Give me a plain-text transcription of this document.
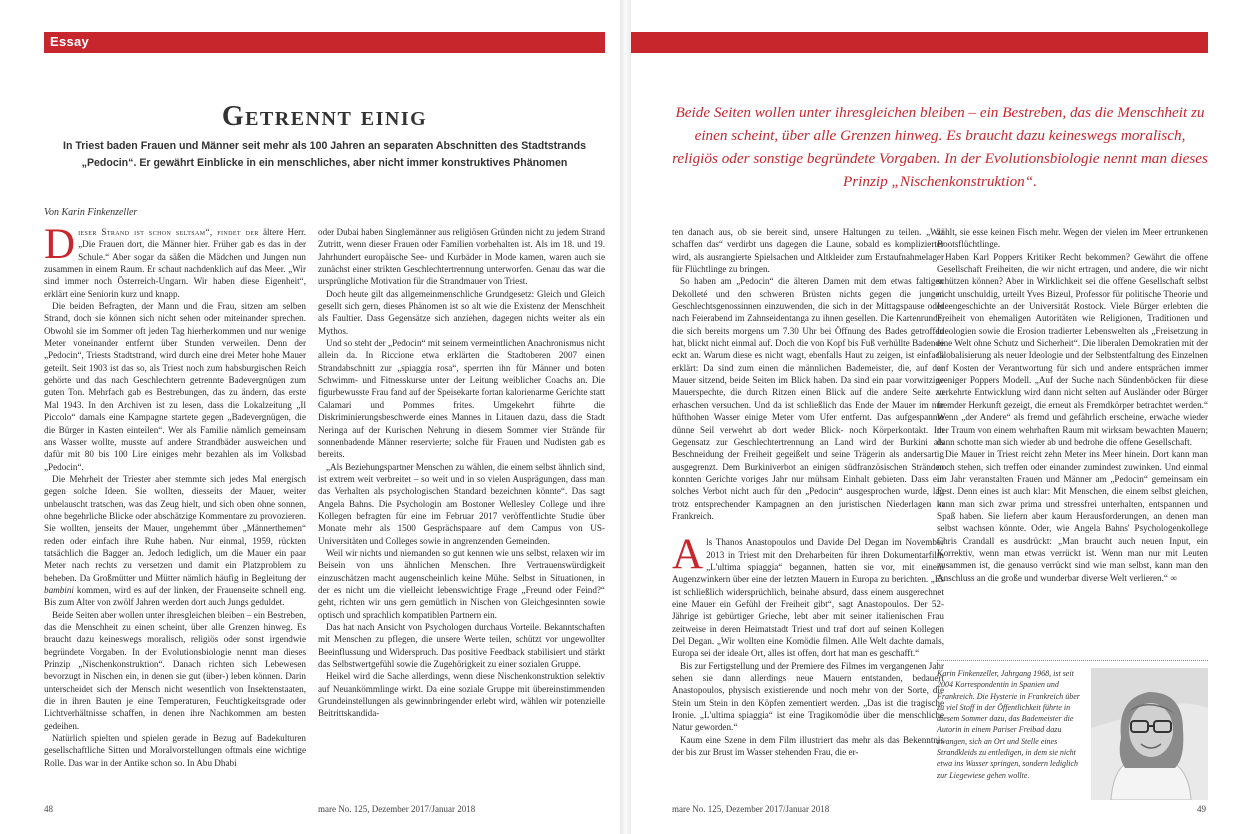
Essay
Getrennt einig

In Triest baden Frauen und Männer seit mehr als 100 Jahren an separaten Abschnitten des Stadtstrands „Pedocin“. Er gewährt Einblicke in ein menschliches, aber nicht immer konstruktives Phänomen

Von Karin Finkenzeller

Dieser Strand ist schon seltsam“, findet der ältere Herr. „Die Frauen dort, die Männer hier. Früher gab es das in der Schule.“ Aber sogar da säßen die Mädchen und Jungen nun zusammen in einem Raum. Er schaut nachdenklich auf das Meer. „Wir sind immer noch Österreich-Ungarn. Wir haben diese Eigenheit“, erklärt eine Seniorin kurz und knapp.

Die beiden Befragten, der Mann und die Frau, sitzen am selben Strand, doch sie können sich nicht sehen oder miteinander sprechen. Obwohl sie im Sommer oft jeden Tag hierherkommen und nur wenige Meter voneinander entfernt über Stunden verweilen. Denn der „Pedocin“, Triests Stadtstrand, wird durch eine drei Meter hohe Mauer geteilt. Seit 1903 ist das so, als Triest noch zum habsburgischen Reich gehörte und das nach Geschlechtern getrennte Badevergnügen zum guten Ton. Mehrfach gab es Bestrebungen, das zu ändern, das erste Mal 1943. In den Archiven ist zu lesen, dass die Lokalzeitung „Il Piccolo“ damals eine Kampagne startete gegen „Badevergnügen, die die Bürger in Kasten einteilen“. Wer als Familie nämlich gemeinsam ans Wasser wollte, musste auf andere Strandbäder ausweichen und dafür mit 80 bis 100 Lire einiges mehr bezahlen als im Volksbad „Pedocin“.

Die Mehrheit der Triester aber stemmte sich jedes Mal energisch gegen solche Ideen. Sie wollten, diesseits der Mauer, weiter unbelauscht tratschen, was das Zeug hielt, und sich oben ohne sonnen, ohne begehrliche Blicke oder abschätzige Kommentare zu provozieren. Sie wollten, jenseits der Mauer, ungehemmt über „Männerthemen“ reden oder einfach ihre Ruhe haben. Nur einmal, 1959, rückten tatsächlich die Bagger an. Jedoch lediglich, um die Mauer ein paar Meter nach rechts zu versetzen und damit ein Platzproblem zu beheben. Da Großmütter und Mütter nämlich häufig in Begleitung der bambini kommen, wird es auf der linken, der Frauenseite schnell eng. Bis zum Alter von zwölf Jahren werden dort auch Jungs geduldet.

Beide Seiten aber wollen unter ihresgleichen bleiben – ein Bestreben, das die Menschheit zu einen scheint, über alle Grenzen hinweg. Es braucht dazu keineswegs moralisch, religiös oder sonst irgendwie begründete Vorgaben. In der Evolutionsbiologie nennt man dieses Prinzip „Nischenkonstruktion“. Danach richten sich Lebewesen bevorzugt in Nischen ein, in denen sie gut (über-) leben können. Darin unterscheidet sich der Mensch nicht wesentlich von Insektenstaaten, die in ihren Bauten je eine Temperaturen, Feuchtigkeitsgrade oder Lichtverhältnisse schaffen, in denen ihre Nachkommen am besten gedeihen.

Natürlich spielten und spielen gerade in Bezug auf Badekulturen gesellschaftliche Sitten und Moralvorstellungen oftmals eine wichtige Rolle. Das war in der Antike schon so. In Abu Dhabi

oder Dubai haben Singlemänner aus religiösen Gründen nicht zu jedem Strand Zutritt, wenn dieser Frauen oder Familien vorbehalten ist. Als im 18. und 19. Jahrhundert europäische See- und Kurbäder in Mode kamen, waren auch sie zunächst einer strikten Geschlechtertrennung unterworfen. Genau das war die ursprüngliche Motivation für die Strandmauer von Triest.

Doch heute gilt das allgemeinmenschliche Grundgesetz: Gleich und Gleich gesellt sich gern, dieses Phänomen ist so alt wie die Existenz der Menschheit als Faultier. Dass Gegensätze sich anziehen, dagegen nichts weiter als ein Mythos.

Und so steht der „Pedocin“ mit seinem vermeintlichen Anachronismus nicht allein da. In Riccione etwa erklärten die Stadtoberen 2007 einen Strandabschnitt zur „spiaggia rosa“, sperrten ihn für Männer und boten Schwimm- und Fitnesskurse unter der Leitung weiblicher Coachs an. Die figurbewusste Frau fand auf der Speisekarte fortan kalorienarme Gerichte statt Calamari und Pommes frites. Umgekehrt führte die Diskriminierungsbeschwerde eines Mannes in Litauen dazu, dass die Stadt Neringa auf der Kurischen Nehrung in diesem Sommer vier Strände für sonnenbadende Männer reservierte; solche für Frauen und Nudisten gab es bereits.

„Als Beziehungspartner Menschen zu wählen, die einem selbst ähnlich sind, ist extrem weit verbreitet – so weit und in so vielen Ausprägungen, dass man das Verhalten als psychologischen Standard bezeichnen könnte“. Das sagt Angela Bahns. Die Psychologin am Bostoner Wellesley College und ihre Kollegen befragten für eine im Februar 2017 veröffentlichte Studie über Monate mehr als 1500 Gesprächspaare auf dem Campus von US-Universitäten und Colleges sowie in angrenzenden Gemeinden.

Weil wir nichts und niemanden so gut kennen wie uns selbst, relaxen wir im Beisein von uns ähnlichen Menschen. Ihre Vertrauenswürdigkeit einzuschätzen macht augenscheinlich keine Mühe. Selbst in Situationen, in der es nicht um die vielleicht lebenswichtige Frage „Freund oder Feind?“ geht, richten wir uns gern gemütlich in Nischen von Gleichgesinnten sowie optisch und sprachlich kompatiblen Partnern ein.

Das hat nach Ansicht von Psychologen durchaus Vorteile. Bekanntschaften mit Menschen zu pflegen, die unsere Werte teilen, schützt vor ungewollter Beeinflussung und Widerspruch. Das positive Feedback stabilisiert und stärkt das Selbstwertgefühl sowie die Zugehörigkeit zu einer sozialen Gruppe.

Heikel wird die Sache allerdings, wenn diese Nischenkonstruktion selektiv auf Neuankömmlinge wirkt. Da eine soziale Gruppe mit übereinstimmenden Grundeinstellungen als gewinnbringender erlebt wird, wählen wir potenzielle Beitrittskandida-

48	mare No. 125, Dezember 2017/Januar 2018

Beide Seiten wollen unter ihresgleichen bleiben – ein Bestreben, das die Menschheit zu einen scheint, über alle Grenzen hinweg. Es braucht dazu keineswegs moralisch, religiös oder sonstige begründete Vorgaben. In der Evolutionsbiologie nennt man dieses Prinzip „Nischenkonstruktion“.

ten danach aus, ob sie bereit sind, unsere Haltungen zu teilen. „Wir schaffen das“ verdirbt uns dagegen die Laune, sobald es komplizierter wird, als ausrangierte Spielsachen und Altkleider zum Erstaufnahmelager für Flüchtlinge zu bringen.

So haben am „Pedocin“ die älteren Damen mit dem etwas faltigen Dekolleté und den schweren Brüsten nichts gegen die jungen Geschlechtsgenossinnen einzuwenden, die sich in der Mittagspause oder nach Feierabend im Zahnseidentanga zu ihnen gesellen. Die Kartenrunde, die sich bereits morgens um 7.30 Uhr bei Öffnung des Bades getroffen hat, blickt nicht einmal auf. Doch die von Kopf bis Fuß verhüllte Badende eckt an. Warum diese es nicht wagt, ebenfalls Haut zu zeigen, ist einfach erklärt: Da sind zum einen die männlichen Bademeister, die, auf der Mauer sitzend, beide Seiten im Blick haben. Da sind ein paar vorwitzige Mauerspechte, die durch Ritzen einen Blick auf die andere Seite zu erhaschen versuchen. Und da ist schließlich das Ende der Mauer im nur hüfthohen Wasser einige Meter vom Ufer entfernt. Das aufgespannte dünne Seil verwehrt ab dort weder Blick- noch Körperkontakt. Im Gegensatz zur Geschlechtertrennung an Land wird der Burkini als Beschneidung der Freiheit gegeißelt und seine Trägerin als andersartig ausgegrenzt. Dem Burkiniverbot an einigen südfranzösischen Stränden konnten Gerichte voriges Jahr nur mühsam Einhalt gebieten. Dass ein solches Verbot nicht auch für den „Pedocin“ ausgesprochen wurde, lag trotz entsprechender Kampagnen an den juristischen Niederlagen in Frankreich.

Als Thanos Anastopoulos und Davide Del Degan im November 2013 in Triest mit den Dreharbeiten für ihren Dokumentarfilm „L'ultima spiaggia“ begannen, hatten sie vor, mit einem Augenzwinkern über eine der letzten Mauern in Europa zu berichten. „Es ist schließlich widersprüchlich, beinahe absurd, dass einem ausgerechnet eine Mauer ein Gefühl der Freiheit gibt“, sagt Anastopoulos. Der 52-Jährige ist gebürtiger Grieche, lebt aber mit seiner italienischen Frau zeitweise in deren Heimatstadt Triest und traf dort auf seinen Kollegen Del Degan. „Wir wollten eine Komödie filmen. Alle Welt dachte damals, Europa sei der ideale Ort, alles ist offen, dort hat man es geschafft.“

Bis zur Fertigstellung und der Premiere des Filmes im vergangenen Jahr sehen sie dann allerdings neue Mauern entstanden, bedauert Anastopoulos, physisch existierende und noch mehr von der Sorte, die Stein um Stein in den Köpfen zementiert werden. „Das ist die tragische Ironie. „L'ultima spiaggia“ ist eine Tragikomödie über die menschliche Natur geworden.“

Kaum eine Szene in dem Film illustriert das mehr als das Bekenntnis der bis zur Brust im Wasser stehenden Frau, die er-

zählt, sie esse keinen Fisch mehr. Wegen der vielen im Meer ertrunkenen Bootsflüchtlinge.

Haben Karl Poppers Kritiker Recht bekommen? Gewährt die offene Gesellschaft Freiheiten, die wir nicht ertragen, und andere, die wir nicht schützen können? Aber in Wirklichkeit sei die offene Gesellschaft selbst nicht unschuldig, urteilt Yves Bizeul, Professor für politische Theorie und Ideengeschichte an der Universität Rostock. Viele Bürger erlebten die Freiheit von ehemaligen Autoritäten wie Religionen, Traditionen und Ideologien sowie die Erosion tradierter Lebenswelten als „Freisetzung in eine Welt ohne Schutz und Sicherheit“. Die liberalen Demokratien mit der Globalisierung als neuer Ideologie und der Selbstentfaltung des Einzelnen auf Kosten der Verantwortung für sich und andere entsprächen immer weniger Poppers Modell. „Auf der Suche nach Sündenböcken für diese verkehrte Entwicklung wird dann nicht selten auf Ausländer oder Bürger fremder Herkunft gezeigt, die erneut als Fremdkörper betrachtet werden.“ Wenn „der Andere“ als fremd und gefährlich erscheine, erwache wieder der Traum von einem wehrhaften Raum mit wirksam bewachten Mauern; dann schotte man sich wieder ab und bedrohe die offene Gesellschaft.

Die Mauer in Triest reicht zehn Meter ins Meer hinein. Dort kann man noch stehen, sich treffen oder einander zumindest zuwinken. Und einmal im Jahr veranstalten Frauen und Männer am „Pedocin“ gemeinsam ein Fest. Denn eines ist auch klar: Mit Menschen, die einem selbst gleichen, kann man sich zwar prima und stressfrei unterhalten, entspannen und Spaß haben. Sie liefern aber kaum Herausforderungen, an denen man selbst wachsen könnte. Oder, wie Angela Bahns' Psychologenkollege Chris Crandall es ausdrückt: „Man braucht auch neuen Input, ein Korrektiv, wenn man etwas verrückt ist. Wenn man nur mit Leuten zusammen ist, die genauso verrückt sind wie man selbst, kann man den Anschluss an die große und wunderbar diverse Welt verlieren.“ ∞

Karin Finkenzeller, Jahrgang 1968, ist seit 2004 Korrespondentin in Spanien und Frankreich. Die Hysterie in Frankreich über zu viel Stoff in der Öffentlichkeit führte in diesem Sommer dazu, das Bademeister die Autorin in einem Pariser Freibad dazu zwangen, sich an Ort und Stelle eines Strandkleids zu entledigen, in dem sie nicht etwa ins Wasser springen, sondern lediglich zur Liegewiese gehen wollte.

mare No. 125, Dezember 2017/Januar 2018	49
